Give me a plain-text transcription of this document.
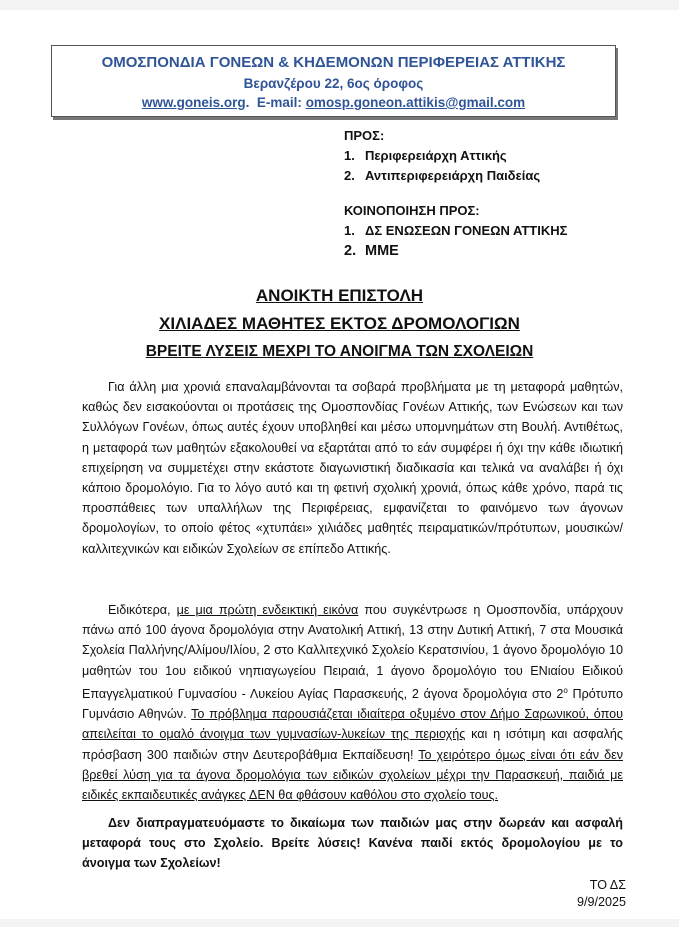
ΟΜΟΣΠΟΝΔΙΑ ΓΟΝΕΩΝ & ΚΗΔΕΜΟΝΩΝ ΠΕΡΙΦΕΡΕΙΑΣ ΑΤΤΙΚΗΣ
Βερανζέρου 22, 6ος όροφος
www.goneis.org. E-mail: omosp.goneon.attikis@gmail.com
ΠΡΟΣ:
1. Περιφερειάρχη Αττικής
2. Αντιπεριφερειάρχη Παιδείας
ΚΟΙΝΟΠΟΙΗΣΗ ΠΡΟΣ:
1. ΔΣ ΕΝΩΣΕΩΝ ΓΟΝΕΩΝ ΑΤΤΙΚΗΣ
2. ΜΜΕ
ΑΝΟΙΚΤΗ ΕΠΙΣΤΟΛΗ
ΧΙΛΙΑΔΕΣ ΜΑΘΗΤΕΣ ΕΚΤΟΣ ΔΡΟΜΟΛΟΓΙΩΝ
ΒΡΕΙΤΕ ΛΥΣΕΙΣ ΜΕΧΡΙ ΤΟ ΑΝΟΙΓΜΑ ΤΩΝ ΣΧΟΛΕΙΩΝ
Για άλλη μια χρονιά επαναλαμβάνονται τα σοβαρά προβλήματα με τη μεταφορά μαθητών, καθώς δεν εισακούονται οι προτάσεις της Ομοσπονδίας Γονέων Αττικής, των Ενώσεων και των Συλλόγων Γονέων, όπως αυτές έχουν υποβληθεί και μέσω υπομνημάτων στη Βουλή. Αντιθέτως, η μεταφορά των μαθητών εξακολουθεί να εξαρτάται από το εάν συμφέρει ή όχι την κάθε ιδιωτική επιχείρηση να συμμετέχει στην εκάστοτε διαγωνιστική διαδικασία και τελικά να αναλάβει ή όχι κάποιο δρομολόγιο. Για το λόγο αυτό και τη φετινή σχολική χρονιά, όπως κάθε χρόνο, παρά τις προσπάθειες των υπαλλήλων της Περιφέρειας, εμφανίζεται το φαινόμενο των άγονων δρομολογίων, το οποίο φέτος «χτυπάει» χιλιάδες μαθητές πειραματικών/πρότυπων, μουσικών/καλλιτεχνικών και ειδικών Σχολείων σε επίπεδο Αττικής.
Ειδικότερα, με μια πρώτη ενδεικτική εικόνα που συγκέντρωσε η Ομοσπονδία, υπάρχουν πάνω από 100 άγονα δρομολόγια στην Ανατολική Αττική, 13 στην Δυτική Αττική, 7 στα Μουσικά Σχολεία Παλλήνης/Αλίμου/Ιλίου, 2 στο Καλλιτεχνικό Σχολείο Κερατσινίου, 1 άγονο δρομολόγιο 10 μαθητών του 1ου ειδικού νηπιαγωγείου Πειραιά, 1 άγονο δρομολόγιο του ΕΝιαίου Ειδικού Επαγγελματικού Γυμνασίου - Λυκείου Αγίας Παρασκευής, 2 άγονα δρομολόγια στο $2^o$ Πρότυπο Γυμνάσιο Αθηνών. Το πρόβλημα παρουσιάζεται ιδιαίτερα οξυμένο στον Δήμο Σαρωνικού, όπου απειλείται το ομαλό άνοιγμα των γυμνασίων-λυκείων της περιοχής και η ισότιμη και ασφαλής πρόσβαση 300 παιδιών στην Δευτεροβάθμια Εκπαίδευση! Το χειρότερο όμως είναι ότι εάν δεν βρεθεί λύση για τα άγονα δρομολόγια των ειδικών σχολείων μέχρι την Παρασκευή, παιδιά με ειδικές εκπαιδευτικές ανάγκες ΔΕΝ θα φθάσουν καθόλου στο σχολείο τους.
Δεν διαπραγματευόμαστε το δικαίωμα των παιδιών μας στην δωρεάν και ασφαλή μεταφορά τους στο Σχολείο. Βρείτε λύσεις! Κανένα παιδί εκτός δρομολογίου με το άνοιγμα των Σχολείων!
ΤΟ ΔΣ
9/9/2025
